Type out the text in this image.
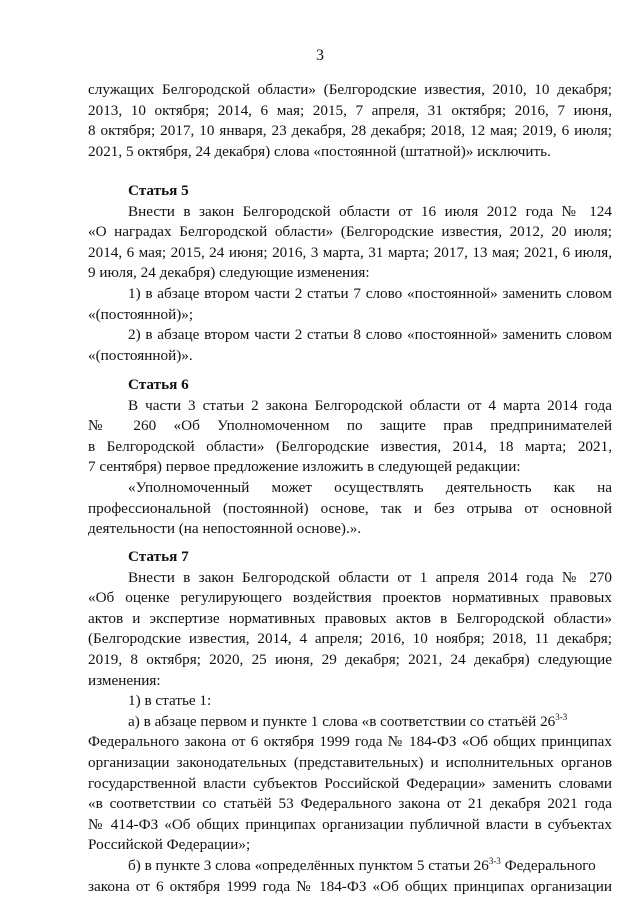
3
служащих Белгородской области» (Белгородские известия, 2010, 10 декабря;
2013, 10 октября; 2014, 6 мая; 2015, 7 апреля, 31 октября; 2016, 7 июня,
8 октября; 2017, 10 января, 23 декабря, 28 декабря; 2018, 12 мая; 2019, 6 июля;
2021, 5 октября, 24 декабря) слова «постоянной (штатной)» исключить.
Статья 5
Внести в закон Белгородской области от 16 июля 2012 года № 124
«О наградах Белгородской области» (Белгородские известия, 2012, 20 июля;
2014, 6 мая; 2015, 24 июня; 2016, 3 марта, 31 марта; 2017, 13 мая; 2021, 6 июля,
9 июля, 24 декабря) следующие изменения:
1) в абзаце втором части 2 статьи 7 слово «постоянной» заменить словом
«(постоянной)»;
2) в абзаце втором части 2 статьи 8 слово «постоянной» заменить словом
«(постоянной)».
Статья 6
В части 3 статьи 2 закона Белгородской области от 4 марта 2014 года
№ 260 «Об Уполномоченном по защите прав предпринимателей
в Белгородской области» (Белгородские известия, 2014, 18 марта; 2021,
7 сентября) первое предложение изложить в следующей редакции:
«Уполномоченный может осуществлять деятельность как на
профессиональной (постоянной) основе, так и без отрыва от основной
деятельности (на непостоянной основе).».
Статья 7
Внести в закон Белгородской области от 1 апреля 2014 года № 270
«Об оценке регулирующего воздействия проектов нормативных правовых
актов и экспертизе нормативных правовых актов в Белгородской области»
(Белгородские известия, 2014, 4 апреля; 2016, 10 ноября; 2018, 11 декабря;
2019, 8 октября; 2020, 25 июня, 29 декабря; 2021, 24 декабря) следующие
изменения:
1) в статье 1:
а) в абзаце первом и пункте 1 слова «в соответствии со статьёй 26$^{3-3}$
Федерального закона от 6 октября 1999 года № 184-ФЗ «Об общих принципах
организации законодательных (представительных) и исполнительных органов
государственной власти субъектов Российской Федерации» заменить словами
«в соответствии со статьёй 53 Федерального закона от 21 декабря 2021 года
№ 414-ФЗ «Об общих принципах организации публичной власти в субъектах
Российской Федерации»;
б) в пункте 3 слова «определённых пунктом 5 статьи 26$^{3-3}$ Федерального
закона от 6 октября 1999 года № 184-ФЗ «Об общих принципах организации
